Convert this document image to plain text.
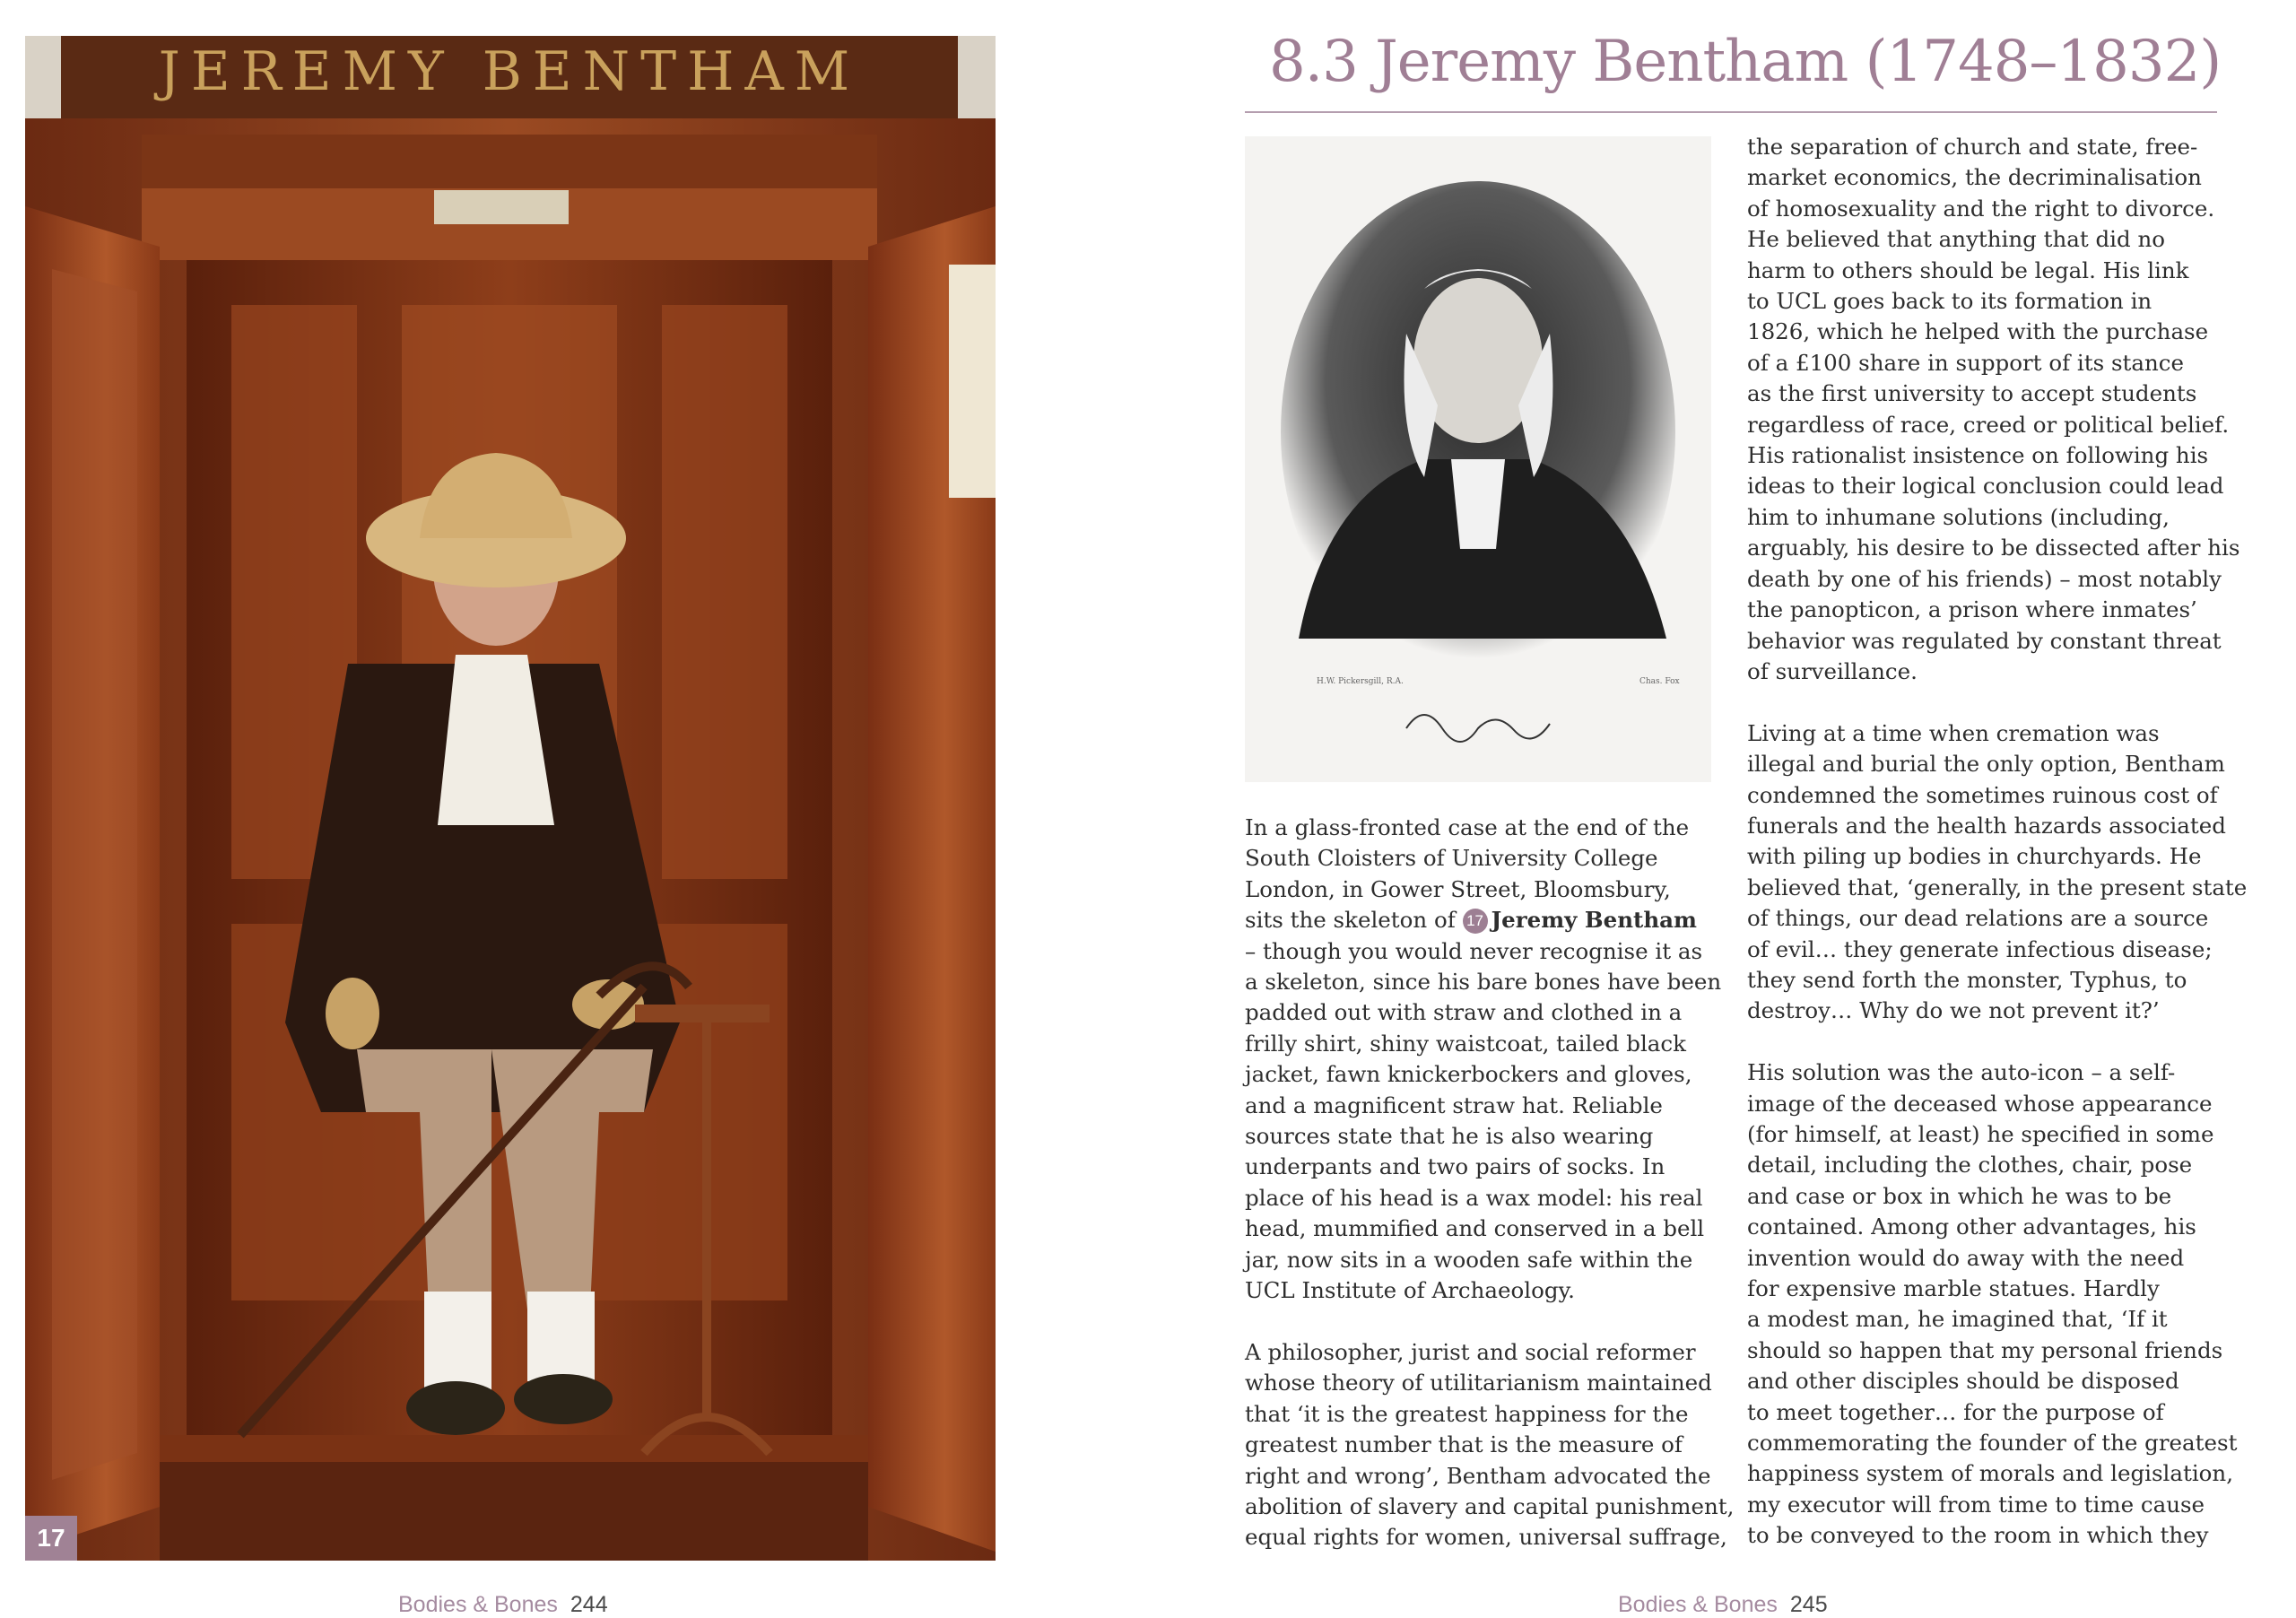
JEREMY BENTHAM
17
Bodies & Bones 244
8.3 Jeremy Bentham (1748–1832)
H.W. Pickersgill, R.A.	Chas. Fox

In a glass-fronted case at the end of the

South Cloisters of University College

London, in Gower Street, Bloomsbury,

sits the skeleton of 17 Jeremy Bentham

– though you would never recognise it as

a skeleton, since his bare bones have been

padded out with straw and clothed in a

frilly shirt, shiny waistcoat, tailed black

jacket, fawn knickerbockers and gloves,

and a magnificent straw hat. Reliable

sources state that he is also wearing

underpants and two pairs of socks. In

place of his head is a wax model: his real

head, mummified and conserved in a bell

jar, now sits in a wooden safe within the

UCL Institute of Archaeology.

A philosopher, jurist and social reformer

whose theory of utilitarianism maintained

that ‘it is the greatest happiness for the

greatest number that is the measure of

right and wrong’, Bentham advocated the

abolition of slavery and capital punishment,

equal rights for women, universal suffrage,

the separation of church and state, free-

market economics, the decriminalisation

of homosexuality and the right to divorce.

He believed that anything that did no

harm to others should be legal. His link

to UCL goes back to its formation in

1826, which he helped with the purchase

of a £100 share in support of its stance

as the first university to accept students

regardless of race, creed or political belief.

His rationalist insistence on following his

ideas to their logical conclusion could lead

him to inhumane solutions (including,

arguably, his desire to be dissected after his

death by one of his friends) – most notably

the panopticon, a prison where inmates’

behavior was regulated by constant threat

of surveillance.

Living at a time when cremation was

illegal and burial the only option, Bentham

condemned the sometimes ruinous cost of

funerals and the health hazards associated

with piling up bodies in churchyards. He

believed that, ‘generally, in the present state

of things, our dead relations are a source

of evil… they generate infectious disease;

they send forth the monster, Typhus, to

destroy… Why do we not prevent it?’

His solution was the auto-icon – a self-

image of the deceased whose appearance

(for himself, at least) he specified in some

detail, including the clothes, chair, pose

and case or box in which he was to be

contained. Among other advantages, his

invention would do away with the need

for expensive marble statues. Hardly

a modest man, he imagined that, ‘If it

should so happen that my personal friends

and other disciples should be disposed

to meet together… for the purpose of

commemorating the founder of the greatest

happiness system of morals and legislation,

my executor will from time to time cause

to be conveyed to the room in which they

Bodies & Bones 245
